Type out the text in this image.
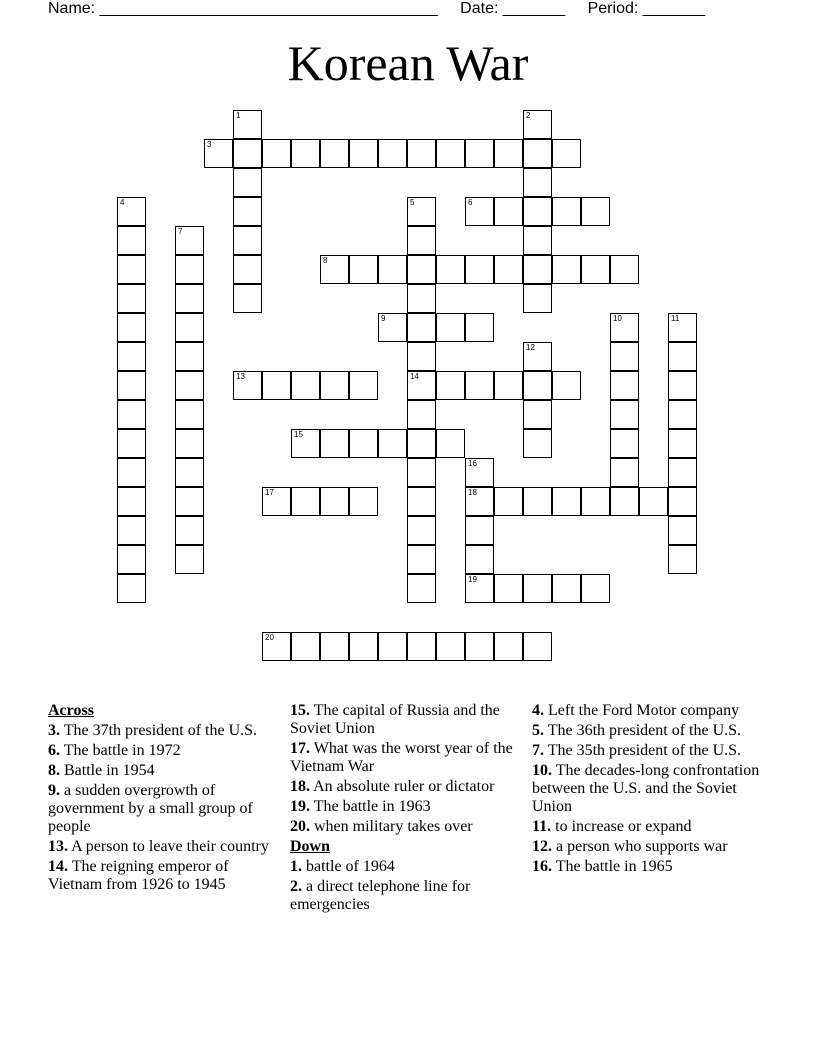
Name: ______________________________________ Date: _______ Period: _______
Korean War
1	2
3
4	5
14
6
7
8
9	10	11
12
13
15
16
18
19
17
20
Across
3. The 37th president of the U.S.
6. The battle in 1972
8. Battle in 1954
9. a sudden overgrowth of government by a small group of people
13. A person to leave their country
14. The reigning emperor of Vietnam from 1926 to 1945
15. The capital of Russia and the Soviet Union
17. What was the worst year of the Vietnam War
18. An absolute ruler or dictator
19. The battle in 1963
20. when military takes over
Down
1. battle of 1964
2. a direct telephone line for emergencies
4. Left the Ford Motor company
5. The 36th president of the U.S.
7. The 35th president of the U.S.
10. The decades-long confrontation between the U.S. and the Soviet Union
11. to increase or expand
12. a person who supports war
16. The battle in 1965
